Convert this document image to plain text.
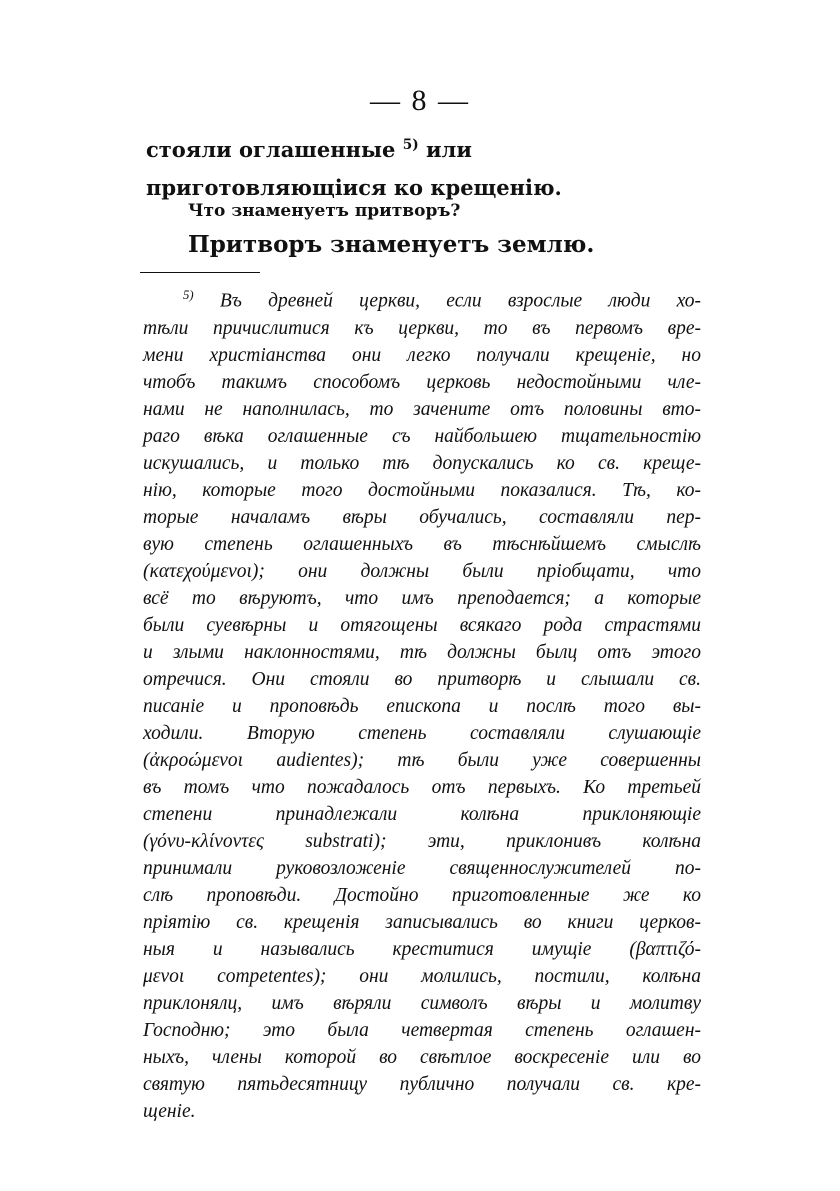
— 8 —
стояли оглашенные $^{5)}$ или приготовляющіися ко крещенію.
Что знаменуетъ притворъ?
Притворъ знаменуетъ землю.
$^{5)}$ Въ древней церкви, если взрослые люди хо-
тѣли причислитися къ церкви, то въ первомъ вре-
мени христіанства они легко получали крещеніе, но
чтобъ такимъ способомъ церковь недостойными чле-
нами не наполнилась, то зачените отъ половины вто-
раго вѣка оглашенные съ найбольшею тщательностію
искушались, и только тѣ допускались ко св. креще-
нію, которые того достойными показалися. Тѣ, ко-
торые началамъ вѣры обучались, составляли пер-
вую степень оглашенныхъ въ тѣснѣйшемъ смыслѣ
(κατεχούμενοι); они должны были пріобщати, что
всё то вѣруютъ, что имъ преподается; а которые
были суевѣрны и отягощены всякаго рода страстями
и злыми наклонностями, тѣ должны былц отъ этого
отречися. Они стояли во притворѣ и слышали св.
писаніе и проповѣдь епископа и послѣ того вы-
ходили. Вторую степень составляли слушающіе
(ἀκροώμενοι audientes); тѣ были уже совершенны
въ томъ что пожадалось отъ первыхъ. Ко третьей
степени принадлежали колѣна приклоняющіе
(γόνυ-κλίνοντες substrati); эти, приклонивъ колѣна
принимали руковозложеніе священнослужителей по-
слѣ проповѣди. Достойно приготовленные же ко
пріятію св. крещенія записывались во книги церков-
ныя и назывались креститися имущіе (βαπτιζό-
μενοι competentes); они молились, постили, колѣна
приклонялц, имъ вѣряли символъ вѣры и молитву
Господню; это была четвертая степень оглашен-
ныхъ, члены которой во свѣтлое воскресеніе или во
святую пятьдесятницу публично получали св. кре-
щеніе.
